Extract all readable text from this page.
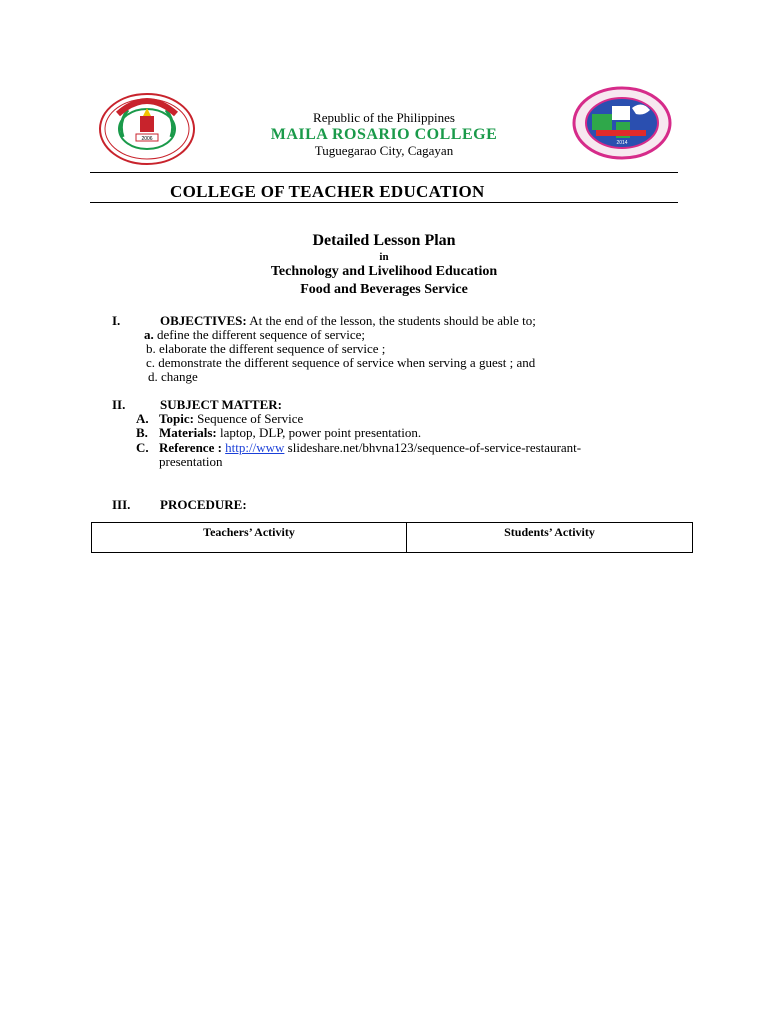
2006
2014
Republic of the Philippines
MAILA ROSARIO COLLEGE
Tuguegarao City, Cagayan
COLLEGE OF TEACHER EDUCATION
Detailed Lesson Plan
in
Technology and Livelihood Education
Food and Beverages Service
I.	OBJECTIVES: At the end of the lesson, the students should be able to;
a. define the different sequence of service;
b. elaborate the different sequence of service ;
c. demonstrate the different sequence of service when serving a guest ; and
d. change
II.	SUBJECT MATTER:
A. Topic: Sequence of Service
B. Materials: laptop, DLP, power point presentation.
C. Reference : http://www slideshare.net/bhvna123/sequence-of-service-restaurant-
presentation
III. PROCEDURE:
Teachers’ Activity	Students’ Activity
